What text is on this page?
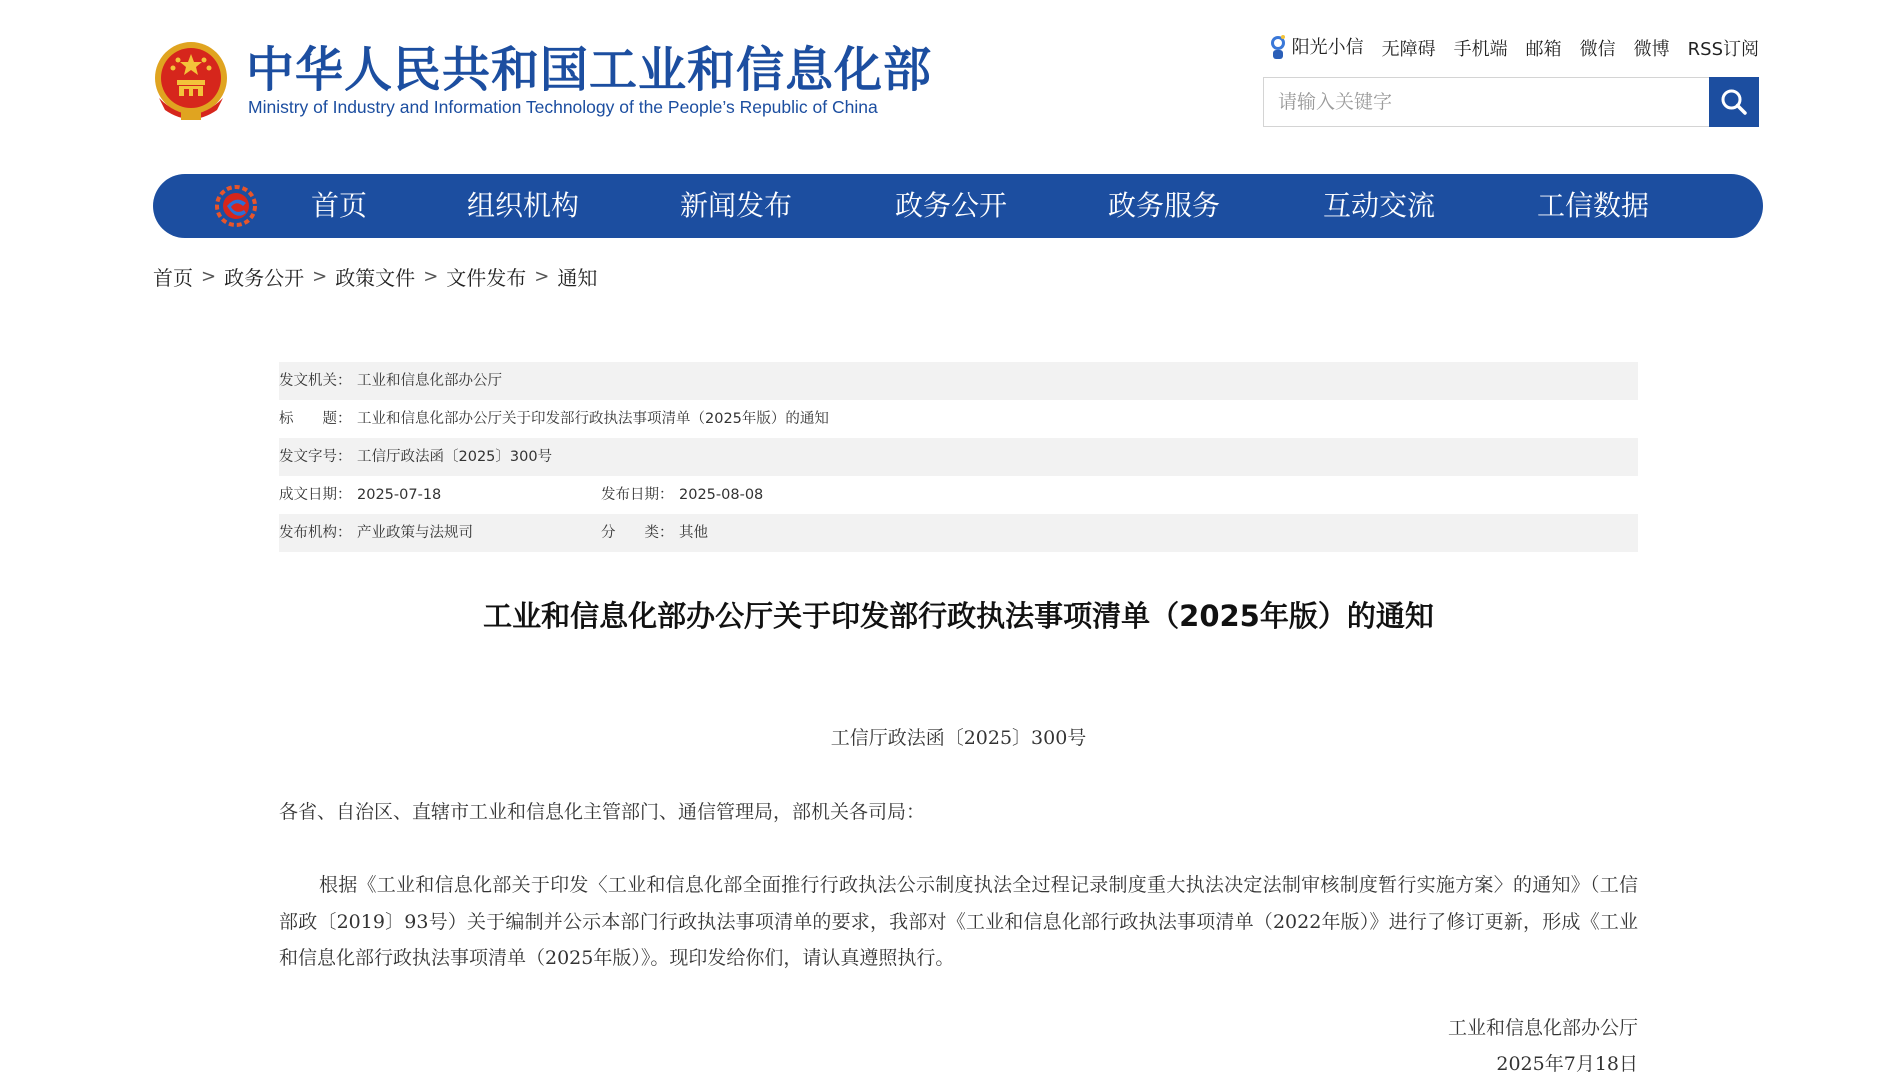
中华人民共和国工业和信息化部
Ministry of Industry and Information Technology of the People’s Republic of China
阳光小信 无障碍 手机端 邮箱 微信 微博 RSS订阅
请输入关键字
首页	组织机构	新闻发布	政务公开	政务服务	互动交流	工信数据
首页 > 政务公开 > 政策文件 > 文件发布 > 通知
发文机关： 工业和信息化部办公厅
标　　题： 工业和信息化部办公厅关于印发部行政执法事项清单（2025年版）的通知
发文字号： 工信厅政法函〔2025〕300号
成文日期： 2025-07-18	发布日期： 2025-08-08
发布机构： 产业政策与法规司	分　　类： 其他
工业和信息化部办公厅关于印发部行政执法事项清单（2025年版）的通知
工信厅政法函〔2025〕300号
各省、自治区、直辖市工业和信息化主管部门、通信管理局，部机关各司局：

根据《工业和信息化部关于印发〈工业和信息化部全面推行行政执法公示制度执法全过程记录制度重大执法决定法制审核制度暂行实施方案〉的通知》（工信部政〔2019〕93号）关于编制并公示本部门行政执法事项清单的要求，我部对《工业和信息化部行政执法事项清单（2022年版）》进行了修订更新，形成《工业和信息化部行政执法事项清单（2025年版）》。现印发给你们，请认真遵照执行。

工业和信息化部办公厅
2025年7月18日
